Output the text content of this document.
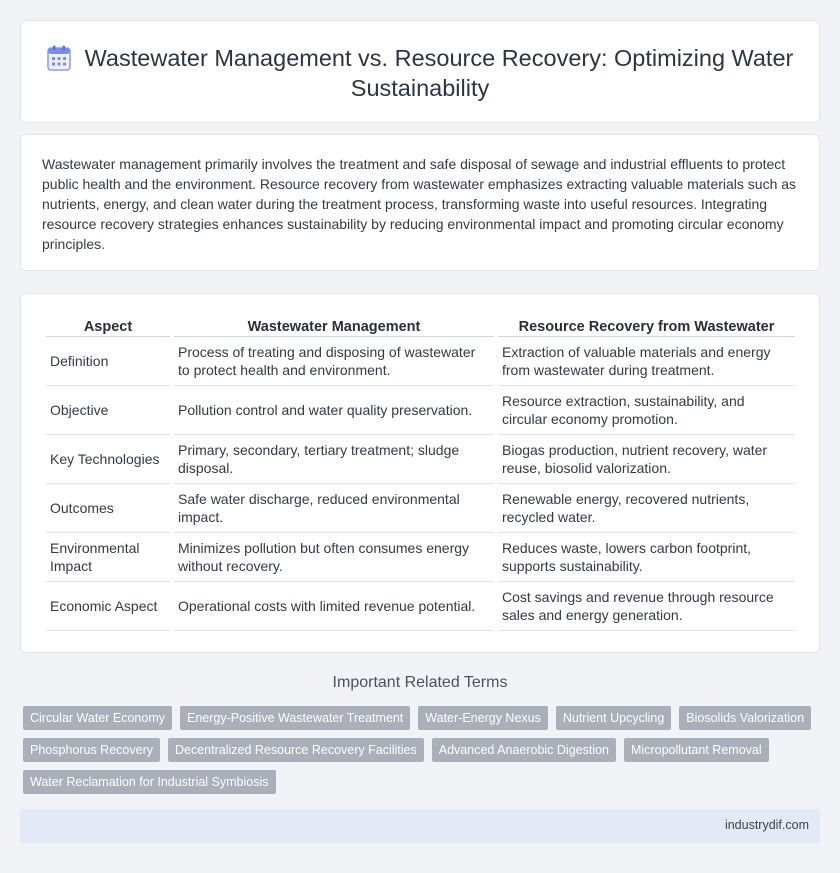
Wastewater Management vs. Resource Recovery: Optimizing Water Sustainability

Wastewater management primarily involves the treatment and safe disposal of sewage and industrial effluents to protect public health and the environment. Resource recovery from wastewater emphasizes extracting valuable materials such as nutrients, energy, and clean water during the treatment process, transforming waste into useful resources. Integrating resource recovery strategies enhances sustainability by reducing environmental impact and promoting circular economy principles.

Aspect	Wastewater Management	Resource Recovery from Wastewater
Definition	Process of treating and disposing of wastewater to protect health and environment.	Extraction of valuable materials and energy from wastewater during treatment.
Objective	Pollution control and water quality preservation.	Resource extraction, sustainability, and circular economy promotion.
Key Technologies	Primary, secondary, tertiary treatment; sludge disposal.	Biogas production, nutrient recovery, water reuse, biosolid valorization.
Outcomes	Safe water discharge, reduced environmental impact.	Renewable energy, recovered nutrients, recycled water.
Environmental Impact	Minimizes pollution but often consumes energy without recovery.	Reduces waste, lowers carbon footprint, supports sustainability.
Economic Aspect	Operational costs with limited revenue potential.	Cost savings and revenue through resource sales and energy generation.
Important Related Terms
Circular Water Economy	Energy-Positive Wastewater Treatment	Water-Energy Nexus	Nutrient Upcycling	Biosolids Valorization
Phosphorus Recovery	Decentralized Resource Recovery Facilities	Advanced Anaerobic Digestion	Micropollutant Removal
Water Reclamation for Industrial Symbiosis
industrydif.com
